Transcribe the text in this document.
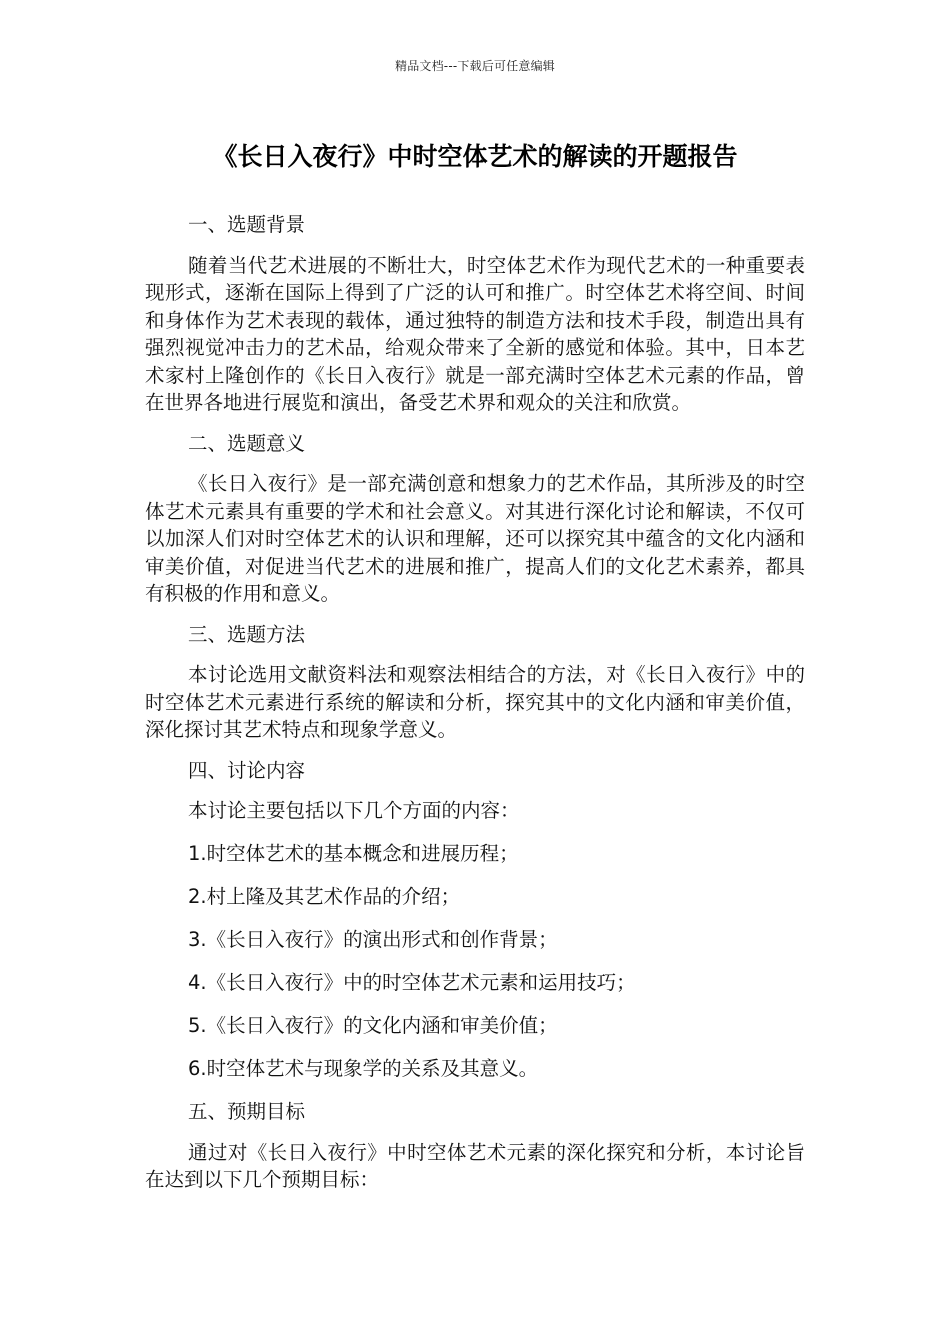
精品文档---下载后可任意编辑
《长日入夜行》中时空体艺术的解读的开题报告

一、选题背景

随着当代艺术进展的不断壮大，时空体艺术作为现代艺术的一种重要表现形式，逐渐在国际上得到了广泛的认可和推广。时空体艺术将空间、时间和身体作为艺术表现的载体，通过独特的制造方法和技术手段，制造出具有强烈视觉冲击力的艺术品，给观众带来了全新的感觉和体验。其中，日本艺术家村上隆创作的《长日入夜行》就是一部充满时空体艺术元素的作品，曾在世界各地进行展览和演出，备受艺术界和观众的关注和欣赏。

二、选题意义

《长日入夜行》是一部充满创意和想象力的艺术作品，其所涉及的时空体艺术元素具有重要的学术和社会意义。对其进行深化讨论和解读，不仅可以加深人们对时空体艺术的认识和理解，还可以探究其中蕴含的文化内涵和审美价值，对促进当代艺术的进展和推广，提高人们的文化艺术素养，都具有积极的作用和意义。

三、选题方法

本讨论选用文献资料法和观察法相结合的方法，对《长日入夜行》中的时空体艺术元素进行系统的解读和分析，探究其中的文化内涵和审美价值，深化探讨其艺术特点和现象学意义。

四、讨论内容

本讨论主要包括以下几个方面的内容：

1.时空体艺术的基本概念和进展历程；

2.村上隆及其艺术作品的介绍；

3.《长日入夜行》的演出形式和创作背景；

4.《长日入夜行》中的时空体艺术元素和运用技巧；

5.《长日入夜行》的文化内涵和审美价值；

6.时空体艺术与现象学的关系及其意义。

五、预期目标

通过对《长日入夜行》中时空体艺术元素的深化探究和分析，本讨论旨在达到以下几个预期目标：
